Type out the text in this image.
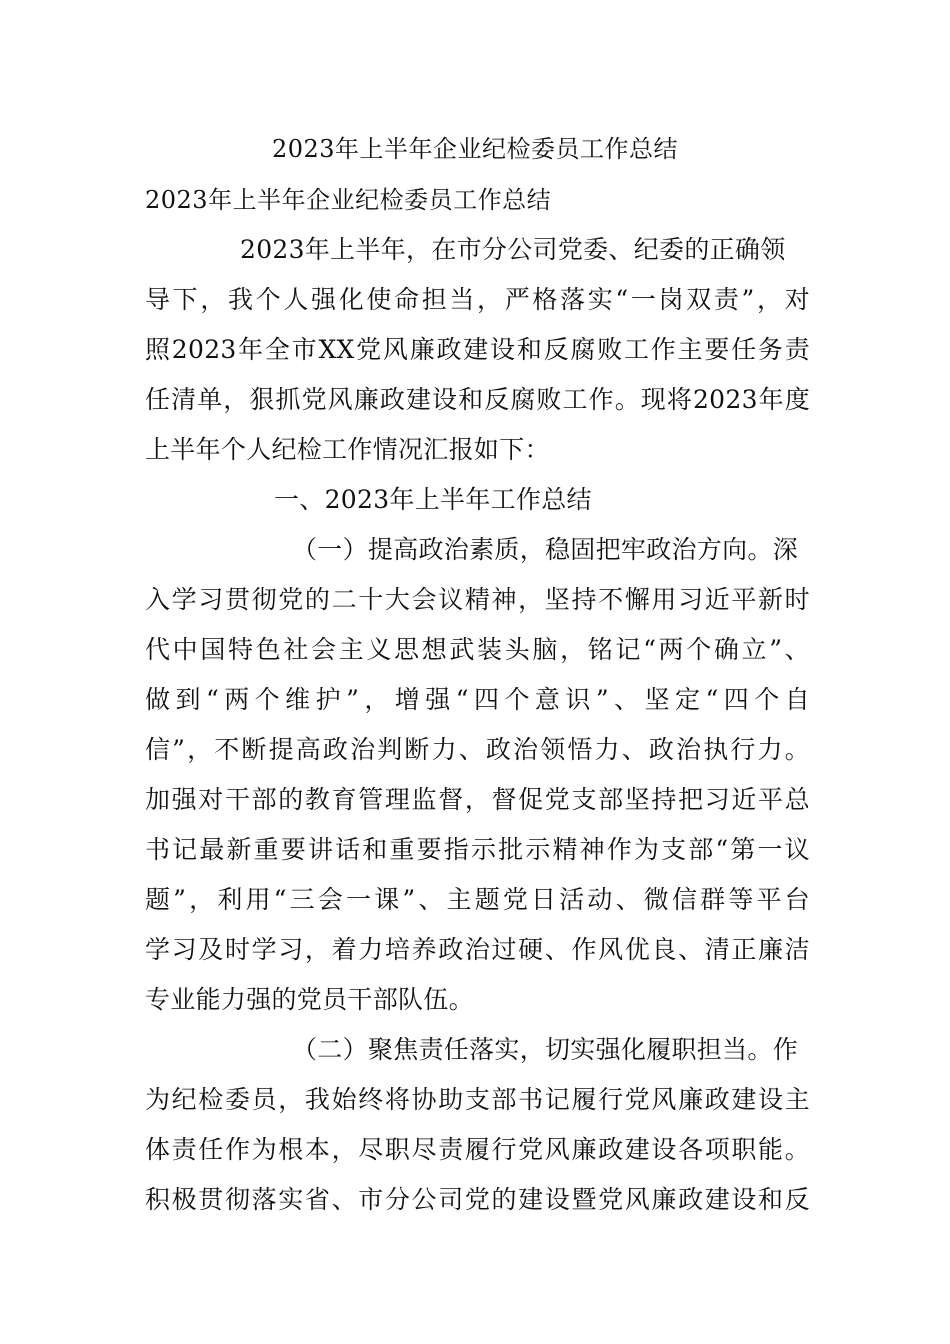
2023年上半年企业纪检委员工作总结
2023年上半年企业纪检委员工作总结
2023年上半年，在市分公司党委、纪委的正确领
导下，我个人强化使命担当，严格落实“一岗双责”，对
照2023年全市XX党风廉政建设和反腐败工作主要任务责
任清单，狠抓党风廉政建设和反腐败工作。现将2023年度
上半年个人纪检工作情况汇报如下：
一、2023年上半年工作总结
（一）提高政治素质，稳固把牢政治方向。深
入学习贯彻党的二十大会议精神，坚持不懈用习近平新时
代中国特色社会主义思想武装头脑，铭记“两个确立”、
做到“两个维护”，增强“四个意识”、坚定“四个自
信”，不断提高政治判断力、政治领悟力、政治执行力。
加强对干部的教育管理监督，督促党支部坚持把习近平总
书记最新重要讲话和重要指示批示精神作为支部“第一议
题”，利用“三会一课”、主题党日活动、微信群等平台
学习及时学习，着力培养政治过硬、作风优良、清正廉洁
专业能力强的党员干部队伍。
（二）聚焦责任落实，切实强化履职担当。作
为纪检委员，我始终将协助支部书记履行党风廉政建设主
体责任作为根本，尽职尽责履行党风廉政建设各项职能。
积极贯彻落实省、市分公司党的建设暨党风廉政建设和反
